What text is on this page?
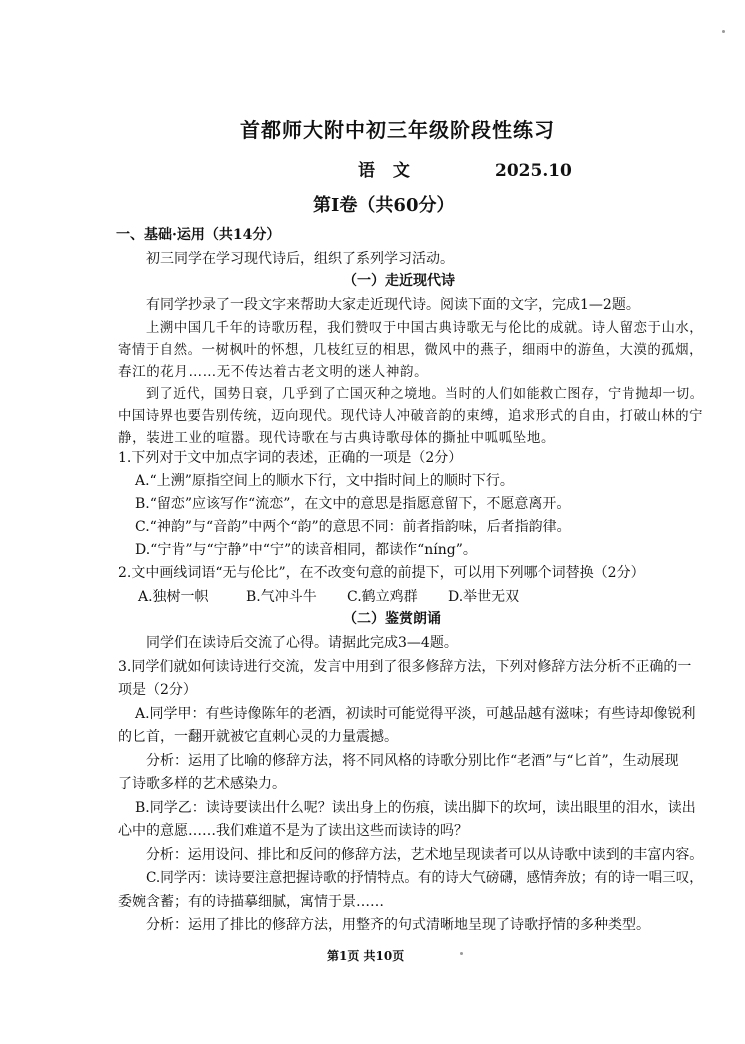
首都师大附中初三年级阶段性练习
语 文	2025.10
第Ⅰ卷（共60分）
一、基础·运用（共14分）
初三同学在学习现代诗后，组织了系列学习活动。
（一）走近现代诗
有同学抄录了一段文字来帮助大家走近现代诗。阅读下面的文字，完成1—2题。
上溯中国几千年的诗歌历程，我们赞叹于中国古典诗歌无与伦比的成就。诗人留恋于山水，
寄情于自然。一树枫叶的怀想，几枝红豆的相思，微风中的燕子，细雨中的游鱼，大漠的孤烟，
春江的花月……无不传达着古老文明的迷人神韵。
到了近代，国势日衰，几乎到了亡国灭种之境地。当时的人们如能救亡图存，宁肯抛却一切。
中国诗界也要告别传统，迈向现代。现代诗人冲破音韵的束缚，追求形式的自由，打破山林的宁
静，装进工业的喧嚣。现代诗歌在与古典诗歌母体的撕扯中呱呱坠地。
1.下列对于文中加点字词的表述，正确的一项是（2分）
A.“上溯”原指空间上的顺水下行，文中指时间上的顺时下行。
B.“留恋”应该写作“流恋”，在文中的意思是指愿意留下，不愿意离开。
C.“神韵”与“音韵”中两个“韵”的意思不同：前者指韵味，后者指韵律。
D.“宁肯”与“宁静”中“宁”的读音相同，都读作“níng”。
2.文中画线词语“无与伦比”，在不改变句意的前提下，可以用下列哪个词替换（2分）
A.独树一帜	B.气冲斗牛 C.鹤立鸡群 D.举世无双
（二）鉴赏朗诵
同学们在读诗后交流了心得。请据此完成3—4题。
3.同学们就如何读诗进行交流，发言中用到了很多修辞方法，下列对修辞方法分析不正确的一
项是（2分）
A.同学甲：有些诗像陈年的老酒，初读时可能觉得平淡，可越品越有滋味；有些诗却像锐利
的匕首，一翻开就被它直刺心灵的力量震撼。
分析：运用了比喻的修辞方法，将不同风格的诗歌分别比作“老酒”与“匕首”，生动展现
了诗歌多样的艺术感染力。
B.同学乙：读诗要读出什么呢？读出身上的伤痕，读出脚下的坎坷，读出眼里的泪水，读出
心中的意愿……我们难道不是为了读出这些而读诗的吗？
分析：运用设问、排比和反问的修辞方法，艺术地呈现读者可以从诗歌中读到的丰富内容。
C.同学丙：读诗要注意把握诗歌的抒情特点。有的诗大气磅礴，感情奔放；有的诗一唱三叹，
委婉含蓄；有的诗描摹细腻，寓情于景……
分析：运用了排比的修辞方法，用整齐的句式清晰地呈现了诗歌抒情的多种类型。
第1页 共10页
